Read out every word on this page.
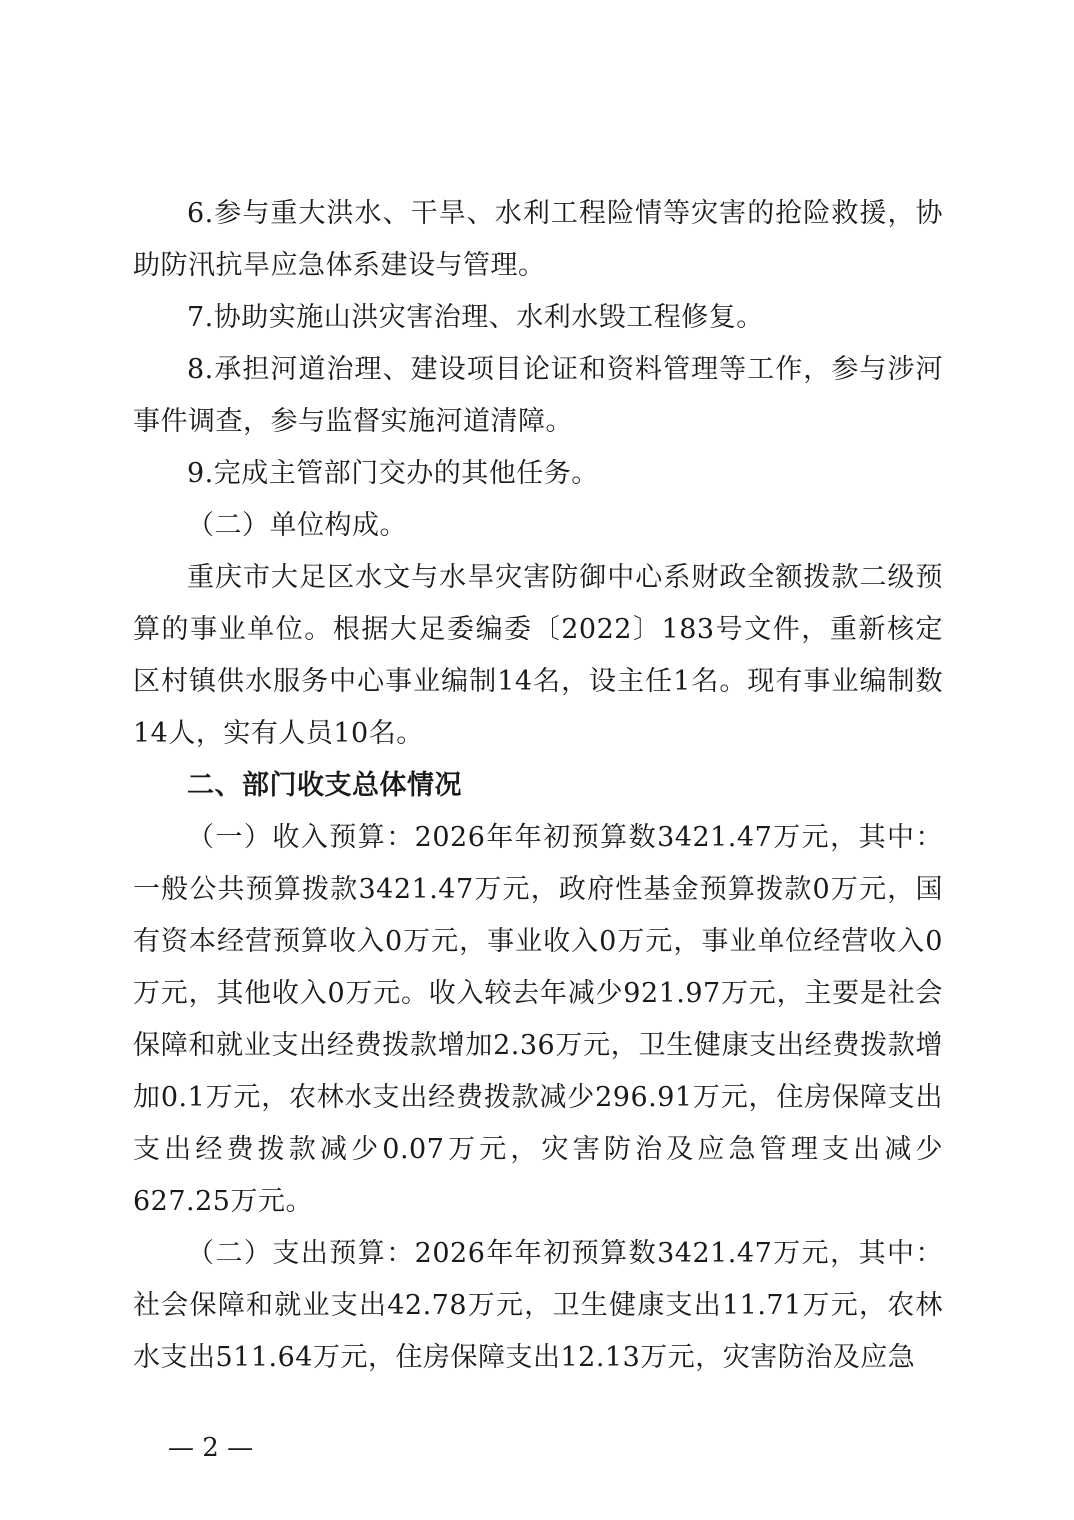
6.参与重大洪水、干旱、水利工程险情等灾害的抢险救援，协助防汛抗旱应急体系建设与管理。

7.协助实施山洪灾害治理、水利水毁工程修复。

8.承担河道治理、建设项目论证和资料管理等工作，参与涉河事件调查，参与监督实施河道清障。

9.完成主管部门交办的其他任务。

（二）单位构成。

重庆市大足区水文与水旱灾害防御中心系财政全额拨款二级预算的事业单位。根据大足委编委〔2022〕183号文件，重新核定区村镇供水服务中心事业编制14名，设主任1名。现有事业编制数14人，实有人员10名。

二、部门收支总体情况

（一）收入预算：2026年年初预算数3421.47万元，其中：一般公共预算拨款3421.47万元，政府性基金预算拨款0万元，国有资本经营预算收入0万元，事业收入0万元，事业单位经营收入0万元，其他收入0万元。收入较去年减少921.97万元，主要是社会保障和就业支出经费拨款增加2.36万元，卫生健康支出经费拨款增加0.1万元，农林水支出经费拨款减少296.91万元，住房保障支出支出经费拨款减少0.07万元，灾害防治及应急管理支出减少627.25万元。

（二）支出预算：2026年年初预算数3421.47万元，其中：社会保障和就业支出42.78万元，卫生健康支出11.71万元，农林水支出511.64万元，住房保障支出12.13万元，灾害防治及应急

— 2 —
